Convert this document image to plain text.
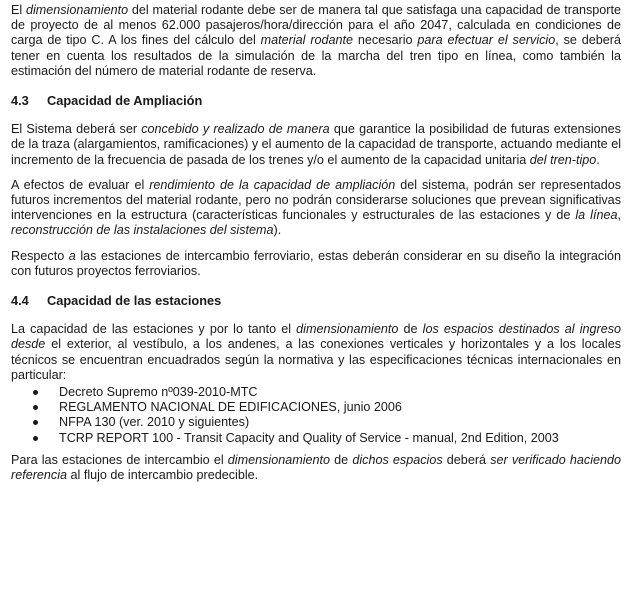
El dimensionamiento del material rodante debe ser de manera tal que satisfaga una capacidad de transporte de proyecto de al menos 62.000 pasajeros/hora/dirección para el año 2047, calculada en condiciones de carga de tipo C. A los fines del cálculo del material rodante necesario para efectuar el servicio, se deberá tener en cuenta los resultados de la simulación de la marcha del tren tipo en línea, como también la estimación del número de material rodante de reserva.

4.3 Capacidad de Ampliación

El Sistema deberá ser concebido y realizado de manera que garantice la posibilidad de futuras extensiones de la traza (alargamientos, ramificaciones) y el aumento de la capacidad de transporte, actuando mediante el incremento de la frecuencia de pasada de los trenes y/o el aumento de la capacidad unitaria del tren-tipo.

A efectos de evaluar el rendimiento de la capacidad de ampliación del sistema, podrán ser representados futuros incrementos del material rodante, pero no podrán considerarse soluciones que prevean significativas intervenciones en la estructura (características funcionales y estructurales de las estaciones y de la línea, reconstrucción de las instalaciones del sistema).

Respecto a las estaciones de intercambio ferroviario, estas deberán considerar en su diseño la integración con futuros proyectos ferroviarios.

4.4 Capacidad de las estaciones

La capacidad de las estaciones y por lo tanto el dimensionamiento de los espacios destinados al ingreso desde el exterior, al vestíbulo, a los andenes, a las conexiones verticales y horizontales y a los locales técnicos se encuentran encuadrados según la normativa y las especificaciones técnicas internacionales en particular:

Decreto Supremo nº039-2010-MTC
REGLAMENTO NACIONAL DE EDIFICACIONES, junio 2006
NFPA 130 (ver. 2010 y siguientes)
TCRP REPORT 100 - Transit Capacity and Quality of Service - manual, 2nd Edition, 2003

Para las estaciones de intercambio el dimensionamiento de dichos espacios deberá ser verificado haciendo referencia al flujo de intercambio predecible.
